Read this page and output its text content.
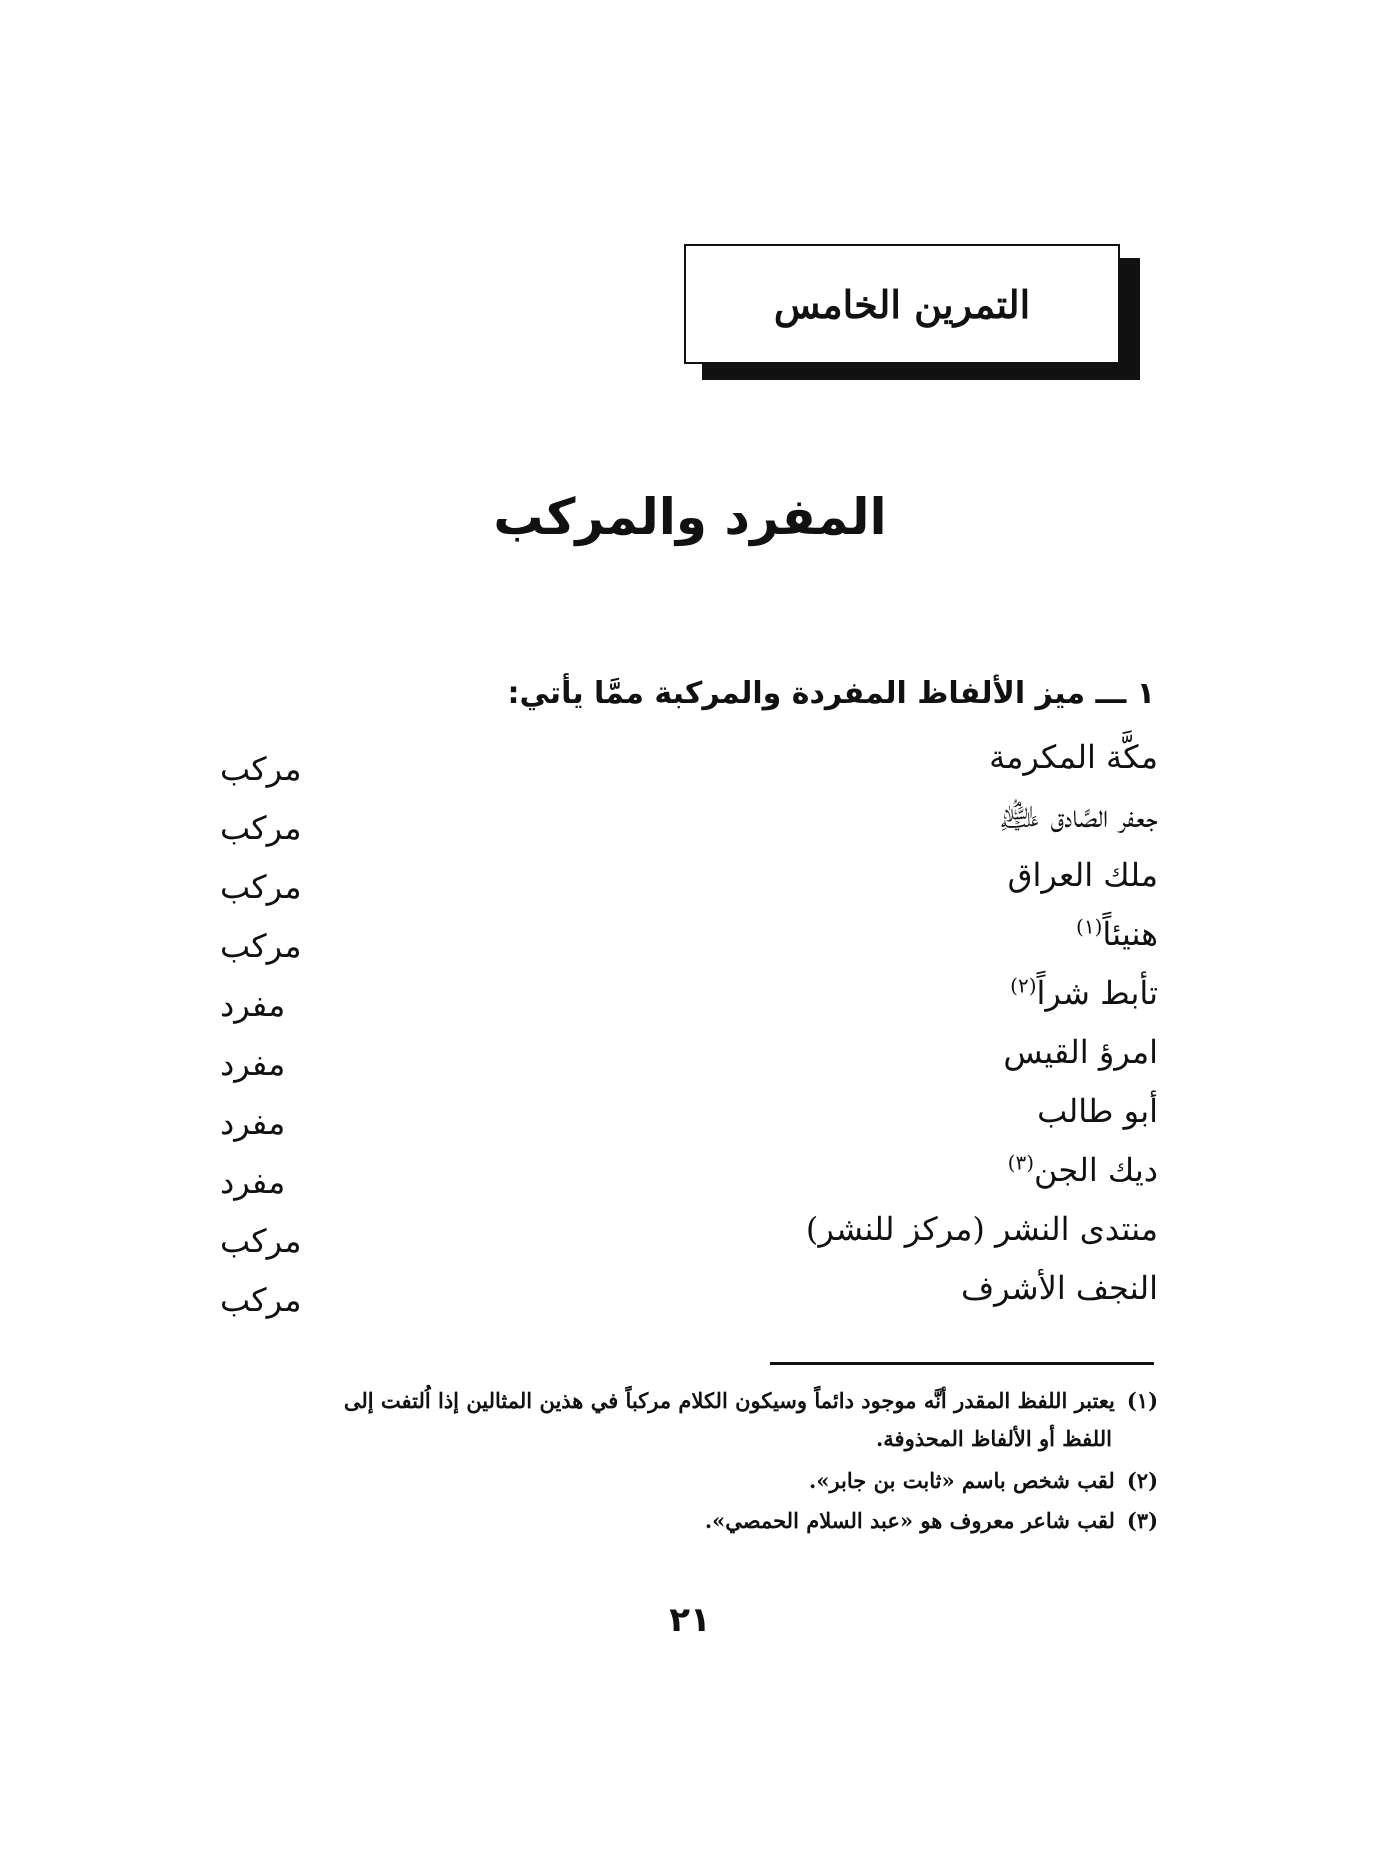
التمرين الخامس
المفرد والمركب
١ ـــ ميز الألفاظ المفردة والمركبة ممَّا يأتي:
مكَّة المكرمة
مركب
جعفر الصَّادق ﵇
مركب
ملك العراق
مركب
هنيئاً$^{(١)}$
مركب
تأبط شراً$^{(٢)}$
مفرد
امرؤ القيس
مفرد
أبو طالب
مفرد
ديك الجن$^{(٣)}$
مفرد
منتدى النشر (مركز للنشر)
مركب
النجف الأشرف
مركب
(١)يعتبر اللفظ المقدر أنَّه موجود دائماً وسيكون الكلام مركباً في هذين المثالين إذا اُلتفت إلى
اللفظ أو الألفاظ المحذوفة.
(٢)لقب شخص باسم «ثابت بن جابر».
(٣)لقب شاعر معروف هو «عبد السلام الحمصي».
٢١
